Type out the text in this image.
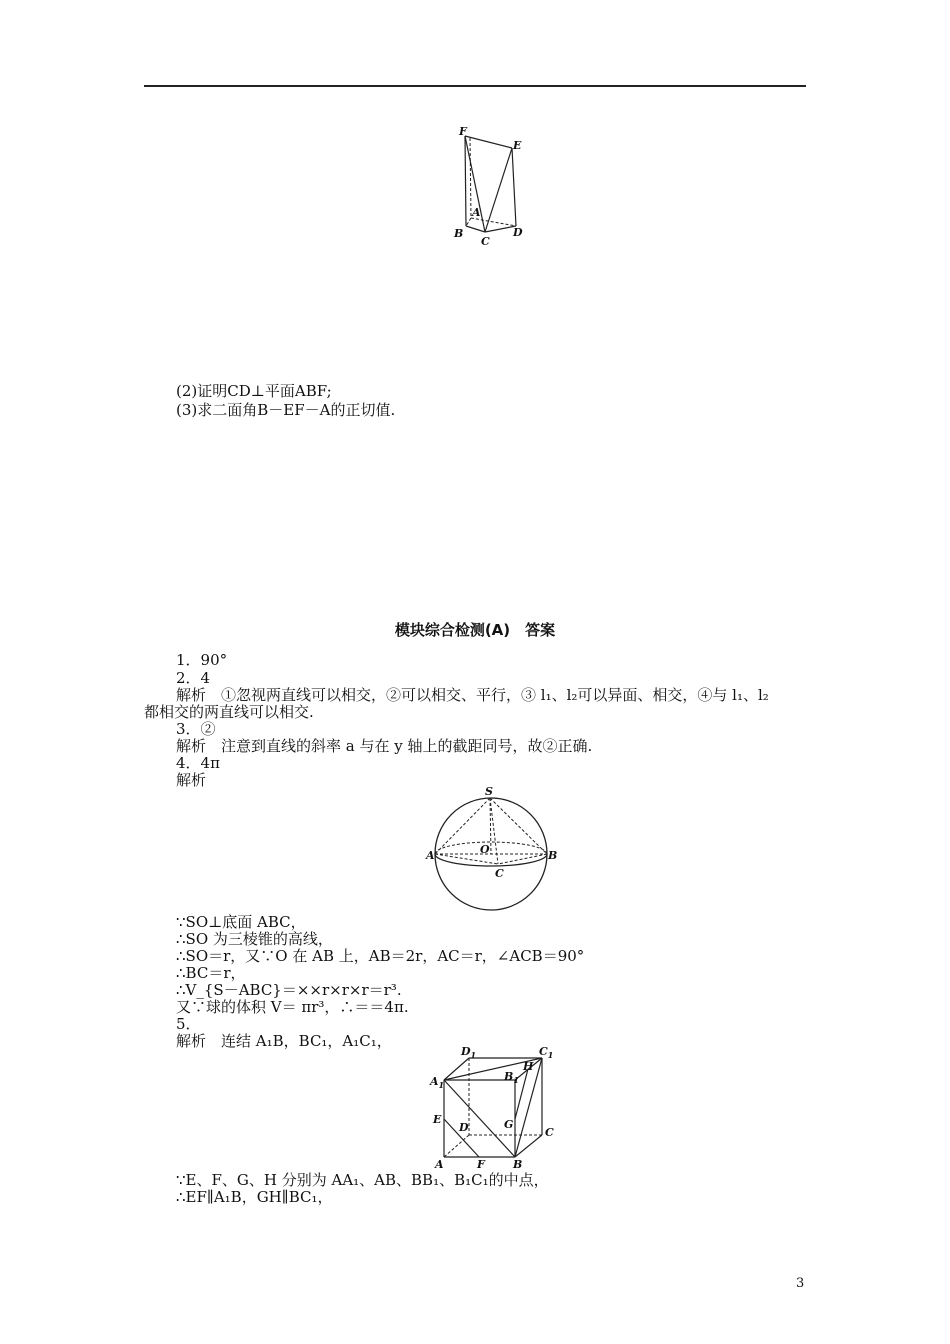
F
E
A
B
C
D
(2)证明CD⊥平面ABF;
(3)求二面角B－EF－A的正切值.
模块综合检测(A)　答案
1．90°
2．4
解析　①忽视两直线可以相交，②可以相交、平行，③ l₁、l₂可以异面、相交，④与 l₁、l₂
都相交的两直线可以相交.
3．②
解析　注意到直线的斜率 a 与在 y 轴上的截距同号，故②正确.
4．4π
解析
S
O
A	B
C
∵SO⊥底面 ABC，
∴SO 为三棱锥的高线，
∴SO＝r，又∵O 在 AB 上，AB＝2r，AC＝r，∠ACB＝90°
∴BC＝r，
∴V_{S－ABC}＝××r×r×r＝r³.
又∵球的体积 V＝ πr³，∴＝＝4π.
5．
解析　连结 A₁B，BC₁，A₁C₁，
$D_1$	$C_1$
$A_1$
$B_1$
H
E
D	G
C
A	F	B
∵E、F、G、H 分别为 AA₁、AB、BB₁、B₁C₁的中点，
∴EF∥A₁B，GH∥BC₁，
3
